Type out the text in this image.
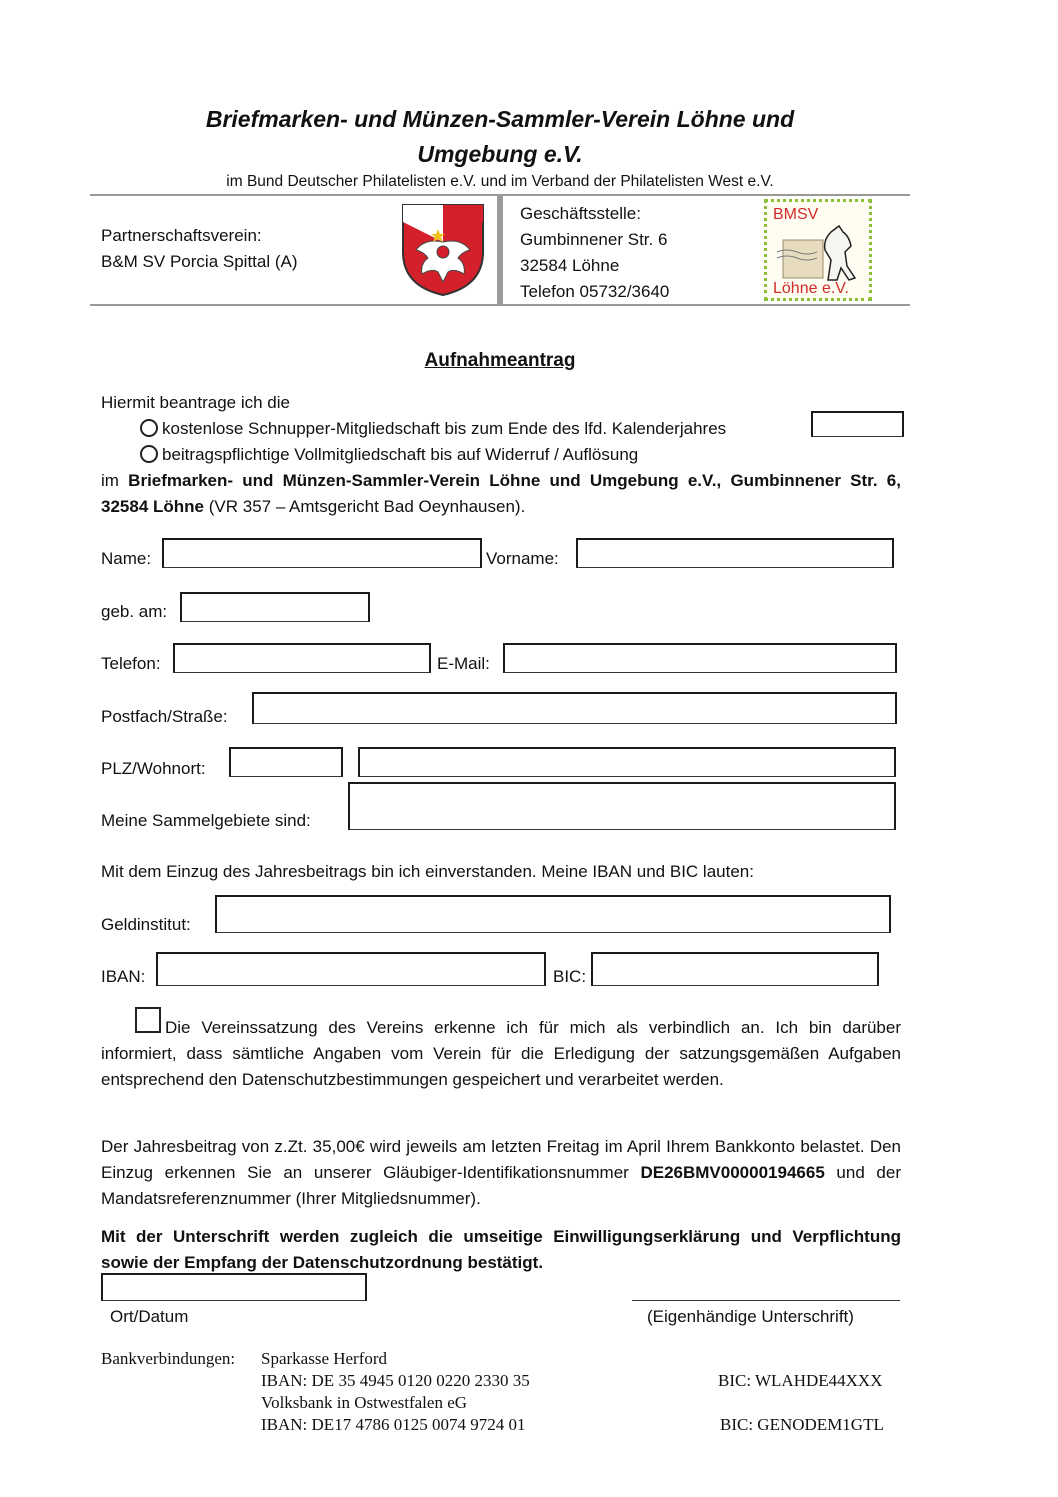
Briefmarken- und Münzen-Sammler-Verein Löhne und
Umgebung e.V.
im Bund Deutscher Philatelisten e.V. und im Verband der Philatelisten West e.V.
Partnerschaftsverein:
B&M SV Porcia Spittal (A)
Geschäftsstelle:
Gumbinnener Str. 6
32584 Löhne
Telefon 05732/3640
BMSV
Löhne e.V.
Aufnahmeantrag
Hiermit beantrage ich die
kostenlose Schnupper-Mitgliedschaft bis zum Ende des lfd. Kalenderjahres
beitragspflichtige Vollmitgliedschaft bis auf Widerruf / Auflösung
im Briefmarken- und Münzen-Sammler-Verein Löhne und Umgebung e.V., Gumbinnener Str. 6, 32584 Löhne (VR 357 – Amtsgericht Bad Oeynhausen).
Name:	Vorname:
geb. am:
Telefon:	E-Mail:
Postfach/Straße:
PLZ/Wohnort:
Meine Sammelgebiete sind:
Mit dem Einzug des Jahresbeitrags bin ich einverstanden. Meine IBAN und BIC lauten:
Geldinstitut:
IBAN:	BIC:
Die Vereinssatzung des Vereins erkenne ich für mich als verbindlich an. Ich bin darüber informiert, dass sämtliche Angaben vom Verein für die Erledigung der satzungsgemäßen Aufgaben entsprechend den Datenschutzbestimmungen gespeichert und verarbeitet werden.
Der Jahresbeitrag von z.Zt. 35,00€ wird jeweils am letzten Freitag im April Ihrem Bankkonto belastet. Den Einzug erkennen Sie an unserer Gläubiger-Identifikationsnummer DE26BMV00000194665 und der Mandatsreferenznummer (Ihrer Mitgliedsnummer).
Mit der Unterschrift werden zugleich die umseitige Einwilligungserklärung und Verpflichtung sowie der Empfang der Datenschutzordnung bestätigt.
Ort/Datum	(Eigenhändige Unterschrift)
Bankverbindungen: Sparkasse Herford
IBAN: DE 35 4945 0120 0220 2330 35	BIC: WLAHDE44XXX
Volksbank in Ostwestfalen eG
IBAN: DE17 4786 0125 0074 9724 01	BIC: GENODEM1GTL
